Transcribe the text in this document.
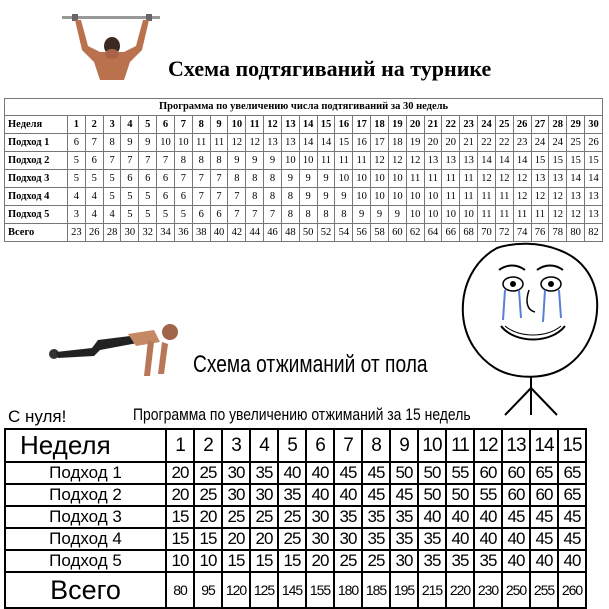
Схема подтягиваний на турнике
Программа по увеличению числа подтягиваний за 30 недель
Неделя	1	2	3	4	5	6	7	8	9	10	11	12	13	14	15	16	17	18	19	20	21	22	23	24	25	26	27	28	29	30
Подход 1	6	7	8	9	9	10	10	11	11	12	12	13	13	14	14	15	16	17	18	19	20	20	21	22	22	23	24	24	25	26
Подход 2	5	6	7	7	7	7	8	8	8	9	9	9	10	10	11	11	11	12	12	12	13	13	13	14	14	14	15	15	15	15
Подход 3	5	5	5	6	6	6	7	7	7	8	8	8	9	9	9	10	10	10	10	11	11	11	11	12	12	12	13	13	14	14
Подход 4	4	4	5	5	5	6	6	7	7	7	8	8	8	9	9	9	10	10	10	10	10	11	11	11	11	12	12	12	13	13
Подход 5	3	4	4	5	5	5	5	6	6	7	7	7	8	8	8	8	9	9	9	10	10	10	10	11	11	11	11	12	12	13
Всего	23	26	28	30	32	34	36	38	40	42	44	46	48	50	52	54	56	58	60	62	64	66	68	70	72	74	76	78	80	82
Схема отжиманий от пола
С нуля!	Программа по увеличению отжиманий за 15 недель
Неделя	1	2	3	4	5	6	7	8	9	10	11	12	13	14	15
Подход 1	20	25	30	35	40	40	45	45	50	50	55	60	60	65	65
Подход 2	20	25	30	30	35	40	40	45	45	50	50	55	60	60	65
Подход 3	15	20	25	25	25	30	35	35	35	40	40	40	45	45	45
Подход 4	15	15	20	20	25	30	30	35	35	35	40	40	40	45	45
Подход 5	10	10	15	15	15	20	25	25	30	35	35	35	40	40	40
Всего	80	95	120	125	145	155	180	185	195	215	220	230	250	255	260
